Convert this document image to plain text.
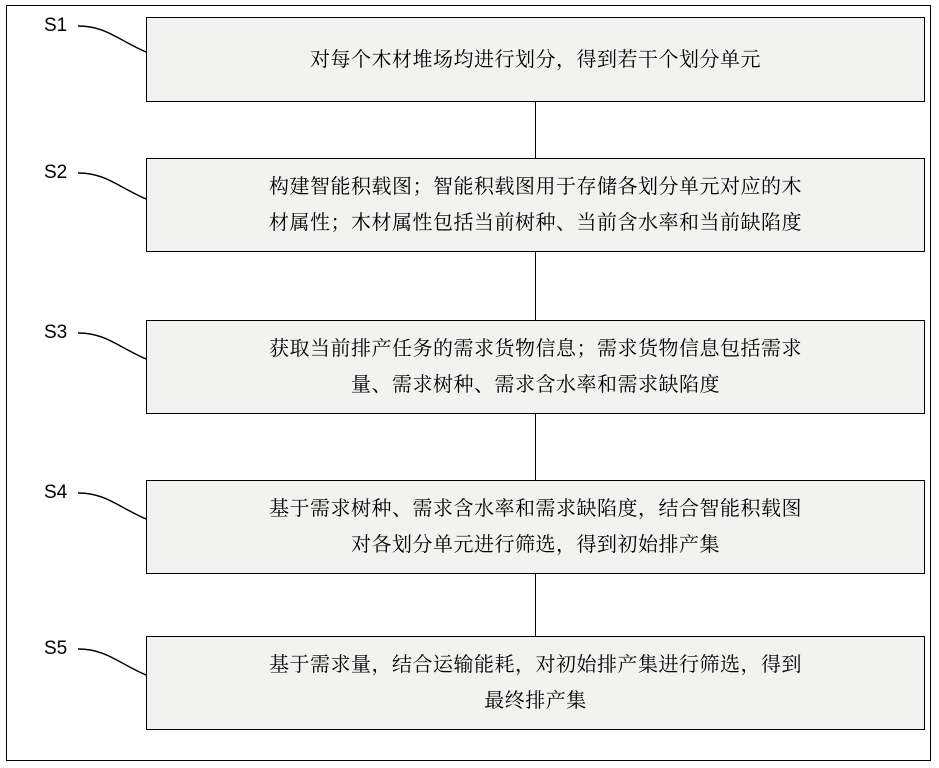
对每个木材堆场均进行划分，得到若干个划分单元
S1
构建智能积载图；智能积载图用于存储各划分单元对应的木
材属性；木材属性包括当前树种、当前含水率和当前缺陷度
S2
获取当前排产任务的需求货物信息；需求货物信息包括需求
量、需求树种、需求含水率和需求缺陷度
S3
基于需求树种、需求含水率和需求缺陷度，结合智能积载图
对各划分单元进行筛选，得到初始排产集
S4
基于需求量，结合运输能耗，对初始排产集进行筛选，得到
最终排产集
S5
